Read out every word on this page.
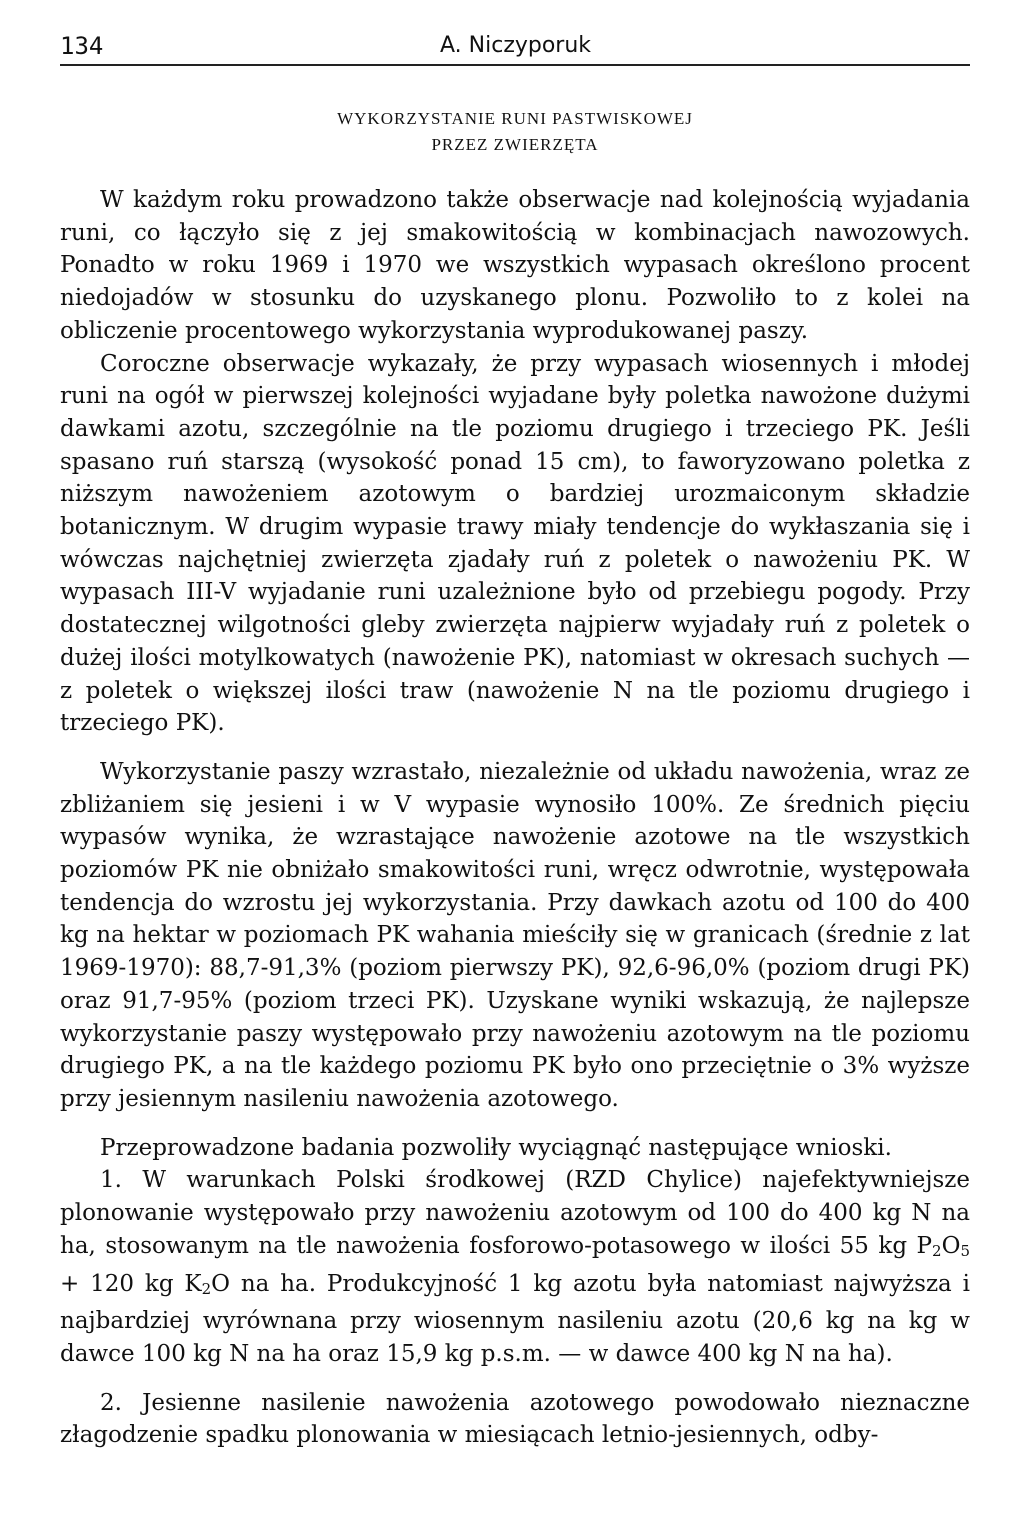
134	A. Niczyporuk
WYKORZYSTANIE RUNI PASTWISKOWEJ
PRZEZ ZWIERZĘTA

W każdym roku prowadzono także obserwacje nad kolejnością wyjadania runi, co łączyło się z jej smakowitością w kombinacjach nawozowych. Ponadto w roku 1969 i 1970 we wszystkich wypasach określono procent niedojadów w stosunku do uzyskanego plonu. Pozwoliło to z kolei na obliczenie procentowego wykorzystania wyprodukowanej paszy.

Coroczne obserwacje wykazały, że przy wypasach wiosennych i młodej runi na ogół w pierwszej kolejności wyjadane były poletka nawożone dużymi dawkami azotu, szczególnie na tle poziomu drugiego i trzeciego PK. Jeśli spasano ruń starszą (wysokość ponad 15 cm), to faworyzowano poletka z niższym nawożeniem azotowym o bardziej urozmaiconym składzie botanicznym. W drugim wypasie trawy miały tendencje do wykłaszania się i wówczas najchętniej zwierzęta zjadały ruń z poletek o nawożeniu PK. W wypasach III-V wyjadanie runi uzależnione było od przebiegu pogody. Przy dostatecznej wilgotności gleby zwierzęta najpierw wyjadały ruń z poletek o dużej ilości motylkowatych (nawożenie PK), natomiast w okresach suchych — z poletek o większej ilości traw (nawożenie N na tle poziomu drugiego i trzeciego PK).

Wykorzystanie paszy wzrastało, niezależnie od układu nawożenia, wraz ze zbliżaniem się jesieni i w V wypasie wynosiło 100%. Ze średnich pięciu wypasów wynika, że wzrastające nawożenie azotowe na tle wszystkich poziomów PK nie obniżało smakowitości runi, wręcz odwrotnie, występowała tendencja do wzrostu jej wykorzystania. Przy dawkach azotu od 100 do 400 kg na hektar w poziomach PK wahania mieściły się w granicach (średnie z lat 1969-1970): 88,7-91,3% (poziom pierwszy PK), 92,6-96,0% (poziom drugi PK) oraz 91,7-95% (poziom trzeci PK). Uzyskane wyniki wskazują, że najlepsze wykorzystanie paszy występowało przy nawożeniu azotowym na tle poziomu drugiego PK, a na tle każdego poziomu PK było ono przeciętnie o 3% wyższe przy jesiennym nasileniu nawożenia azotowego.

Przeprowadzone badania pozwoliły wyciągnąć następujące wnioski.

1. W warunkach Polski środkowej (RZD Chylice) najefektywniejsze plonowanie występowało przy nawożeniu azotowym od 100 do 400 kg N na ha, stosowanym na tle nawożenia fosforowo-potasowego w ilości 55 kg $P_2O_5 + 120$ kg $K_2O$ na ha. Produkcyjność 1 kg azotu była natomiast najwyższa i najbardziej wyrównana przy wiosennym nasileniu azotu (20,6 kg na kg w dawce 100 kg N na ha oraz 15,9 kg p.s.m. — w dawce 400 kg N na ha).

2. Jesienne nasilenie nawożenia azotowego powodowało nieznaczne złagodzenie spadku plonowania w miesiącach letnio-jesiennych, odby-
